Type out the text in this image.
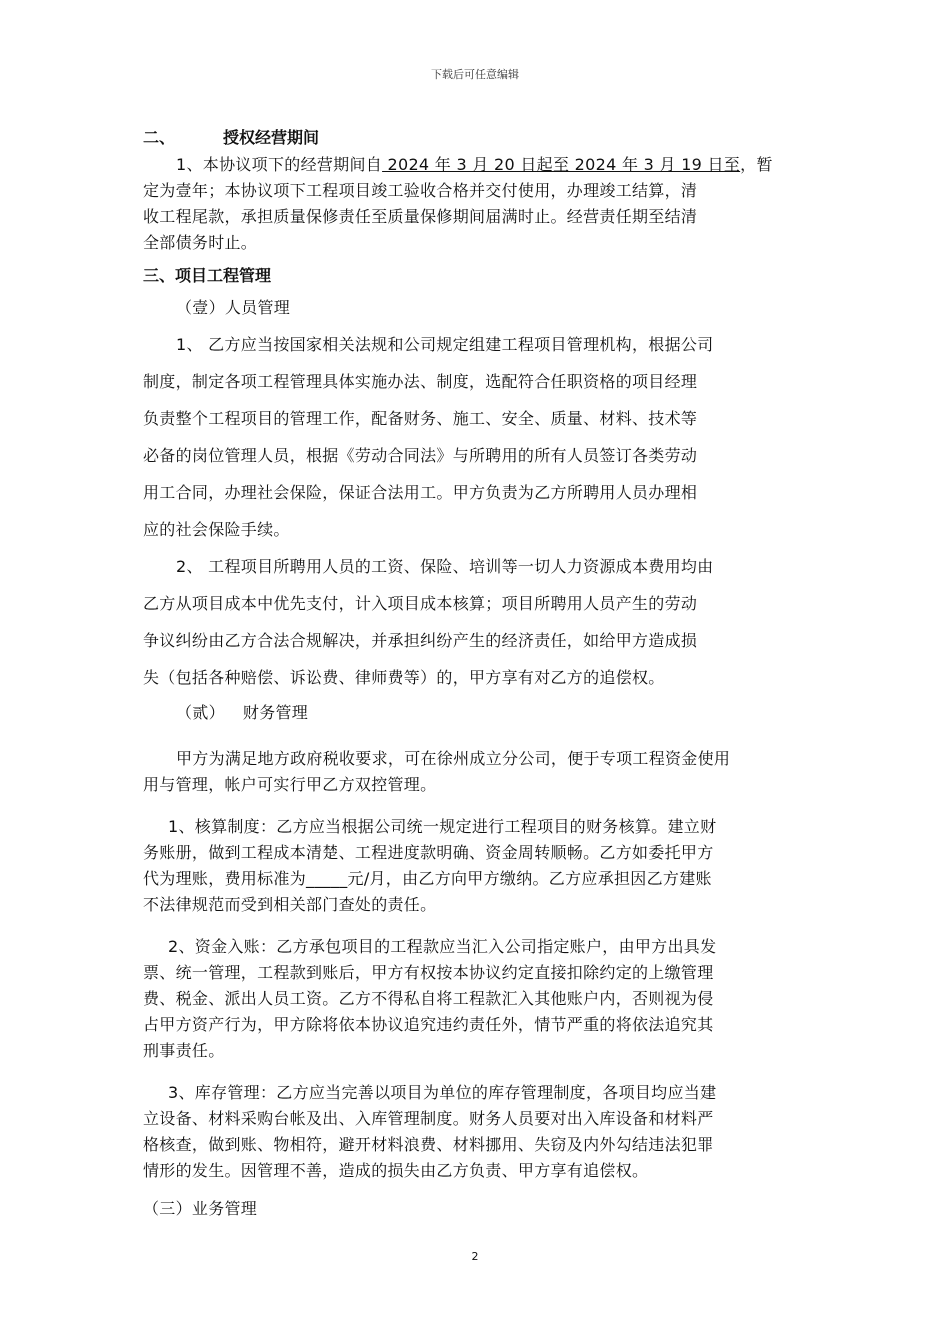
下载后可任意编辑
二、	授权经营期间
1、本协议项下的经营期间自 2024 年 3 月 20 日起至 2024 年 3 月 19 日至，暂
定为壹年；本协议项下工程项目竣工验收合格并交付使用，办理竣工结算，清
收工程尾款，承担质量保修责任至质量保修期间届满时止。经营责任期至结清
全部债务时止。
三、项目工程管理
（壹）人员管理
1、 乙方应当按国家相关法规和公司规定组建工程项目管理机构，根据公司
制度，制定各项工程管理具体实施办法、制度，选配符合任职资格的项目经理
负责整个工程项目的管理工作，配备财务、施工、安全、质量、材料、技术等
必备的岗位管理人员，根据《劳动合同法》与所聘用的所有人员签订各类劳动
用工合同，办理社会保险，保证合法用工。甲方负责为乙方所聘用人员办理相
应的社会保险手续。
2、 工程项目所聘用人员的工资、保险、培训等一切人力资源成本费用均由
乙方从项目成本中优先支付，计入项目成本核算；项目所聘用人员产生的劳动
争议纠纷由乙方合法合规解决，并承担纠纷产生的经济责任，如给甲方造成损
失（包括各种赔偿、诉讼费、律师费等）的，甲方享有对乙方的追偿权。
（贰） 财务管理
甲方为满足地方政府税收要求，可在徐州成立分公司，便于专项工程资金使用
用与管理，帐户可实行甲乙方双控管理。
1、核算制度：乙方应当根据公司统一规定进行工程项目的财务核算。建立财
务账册，做到工程成本清楚、工程进度款明确、资金周转顺畅。乙方如委托甲方
代为理账，费用标准为_____元/月，由乙方向甲方缴纳。乙方应承担因乙方建账
不法律规范而受到相关部门查处的责任。
2、资金入账：乙方承包项目的工程款应当汇入公司指定账户，由甲方出具发
票、统一管理，工程款到账后，甲方有权按本协议约定直接扣除约定的上缴管理
费、税金、派出人员工资。乙方不得私自将工程款汇入其他账户内，否则视为侵
占甲方资产行为，甲方除将依本协议追究违约责任外，情节严重的将依法追究其
刑事责任。
3、库存管理：乙方应当完善以项目为单位的库存管理制度，各项目均应当建
立设备、材料采购台帐及出、入库管理制度。财务人员要对出入库设备和材料严
格核查，做到账、物相符，避开材料浪费、材料挪用、失窃及内外勾结违法犯罪
情形的发生。因管理不善，造成的损失由乙方负责、甲方享有追偿权。
（三）业务管理
2
